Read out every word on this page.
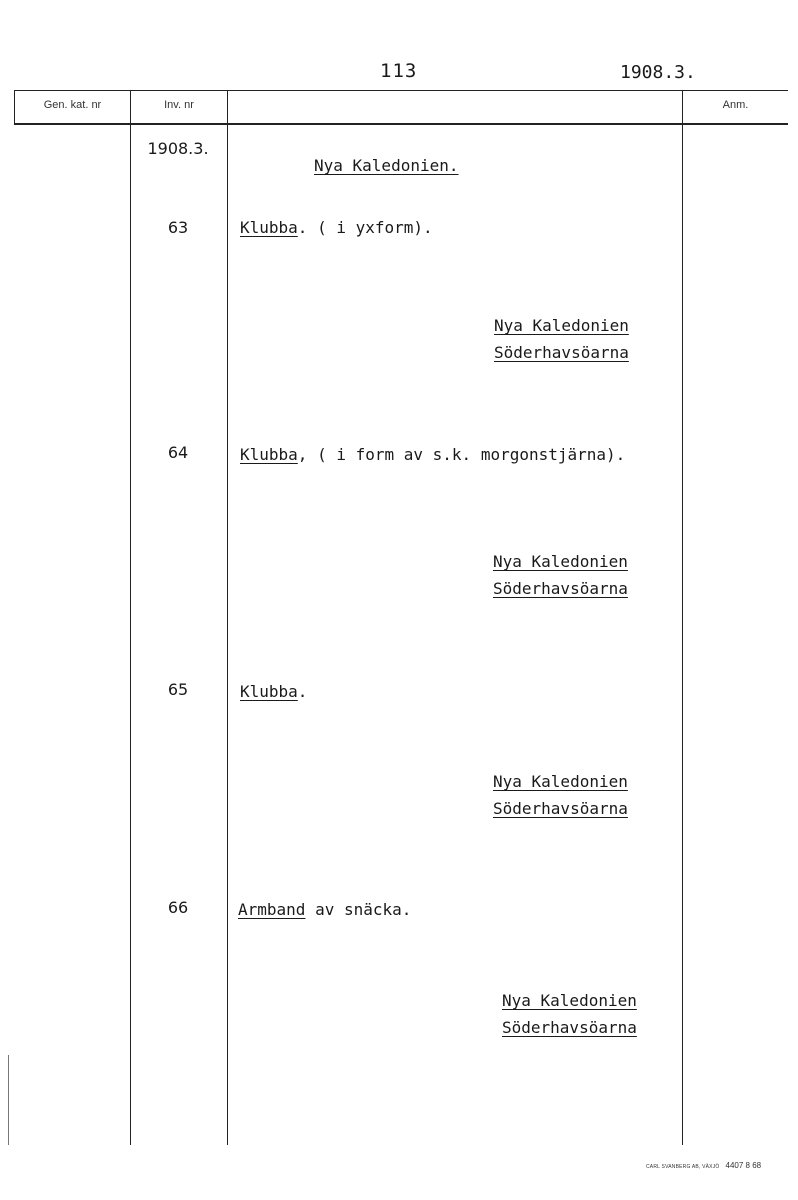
113	1908.3.
Gen. kat. nr	Inv. nr	Anm.
1908.3.
Nya Kaledonien.
63	Klubba. ( i yxform).
Nya Kaledonien
Söderhavsöarna
64	Klubba, ( i form av s.k. morgonstjärna).
Nya Kaledonien
Söderhavsöarna
65	Klubba.
Nya Kaledonien
Söderhavsöarna
66	Armband av snäcka.
Nya Kaledonien
Söderhavsöarna
CARL SVANBERG AB, VÄXJÖ 4407 8 68
